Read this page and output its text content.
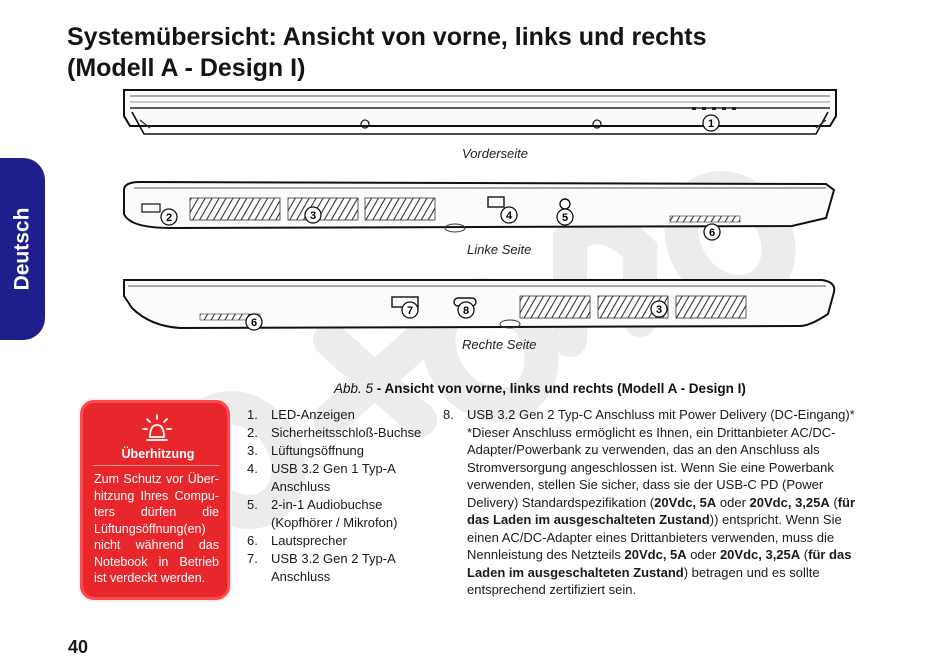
Systemübersicht: Ansicht von vorne, links und rechts
(Modell A - Design I)
Deutsch
1
2	3	4	5
6
6
7	8	3
Vorderseite
Linke Seite
Rechte Seite
Abb. 5 - Ansicht von vorne, links und rechts (Modell A - Design I)
Überhitzung
Zum Schutz vor Über-hitzung Ihres Compu-ters dürfen die Lüftungsöffnung(en) nicht während das Notebook in Betrieb ist verdeckt werden.
1.	LED-Anzeigen
2.	Sicherheitsschloß-Buchse
3.	Lüftungsöffnung
4.	USB 3.2 Gen 1 Typ-A Anschluss
5.	2-in-1 Audiobuchse (Kopfhörer / Mikrofon)
6.	Lautsprecher
7.	USB 3.2 Gen 2 Typ-A Anschluss
8.	USB 3.2 Gen 2 Typ-C Anschluss mit Power Delivery (DC-Eingang)*
*Dieser Anschluss ermöglicht es Ihnen, ein Drittanbieter AC/DC-Adapter/Powerbank zu verwenden, das an den Anschluss als Stromversorgung angeschlossen ist. Wenn Sie eine Powerbank verwenden, stellen Sie sicher, dass sie der USB-C PD (Power Delivery) Standardspezifikation (20Vdc, 5A oder 20Vdc, 3,25A (für das Laden im ausgeschalteten Zustand)) entspricht. Wenn Sie einen AC/DC-Adapter eines Drittanbieters verwenden, muss die Nennleistung des Netzteils 20Vdc, 5A oder 20Vdc, 3,25A (für das Laden im ausgeschalteten Zustand) betragen und es sollte entsprechend zertifiziert sein.
40
